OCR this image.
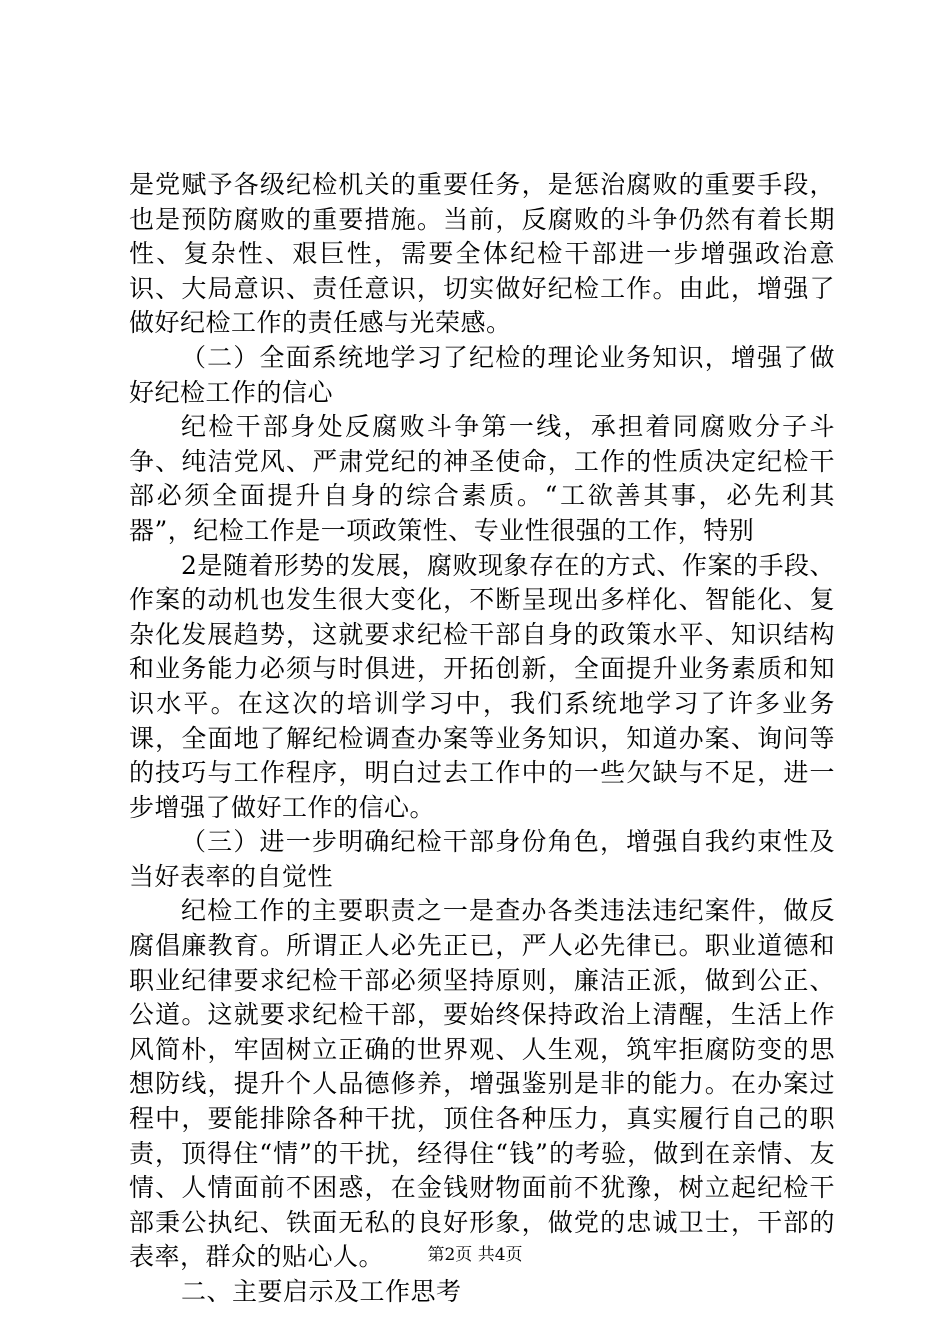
是党赋予各级纪检机关的重要任务，是惩治腐败的重要手段，也是预防腐败的重要措施。当前，反腐败的斗争仍然有着长期性、复杂性、艰巨性，需要全体纪检干部进一步增强政治意识、大局意识、责任意识，切实做好纪检工作。由此，增强了做好纪检工作的责任感与光荣感。

（二）全面系统地学习了纪检的理论业务知识，增强了做好纪检工作的信心

纪检干部身处反腐败斗争第一线，承担着同腐败分子斗争、纯洁党风、严肃党纪的神圣使命，工作的性质决定纪检干部必须全面提升自身的综合素质。“工欲善其事，必先利其器”，纪检工作是一项政策性、专业性很强的工作，特别

2是随着形势的发展，腐败现象存在的方式、作案的手段、作案的动机也发生很大变化，不断呈现出多样化、智能化、复杂化发展趋势，这就要求纪检干部自身的政策水平、知识结构和业务能力必须与时俱进，开拓创新，全面提升业务素质和知识水平。在这次的培训学习中，我们系统地学习了许多业务课，全面地了解纪检调查办案等业务知识，知道办案、询问等的技巧与工作程序，明白过去工作中的一些欠缺与不足，进一步增强了做好工作的信心。

（三）进一步明确纪检干部身份角色，增强自我约束性及当好表率的自觉性

纪检工作的主要职责之一是查办各类违法违纪案件，做反腐倡廉教育。所谓正人必先正已，严人必先律已。职业道德和职业纪律要求纪检干部必须坚持原则，廉洁正派，做到公正、公道。这就要求纪检干部，要始终保持政治上清醒，生活上作风简朴，牢固树立正确的世界观、人生观，筑牢拒腐防变的思想防线，提升个人品德修养，增强鉴别是非的能力。在办案过程中，要能排除各种干扰，顶住各种压力，真实履行自己的职责，顶得住“情”的干扰，经得住“钱”的考验，做到在亲情、友情、人情面前不困惑，在金钱财物面前不犹豫，树立起纪检干部秉公执纪、铁面无私的良好形象，做党的忠诚卫士，干部的表率，群众的贴心人。

二、主要启示及工作思考

第2页 共4页
